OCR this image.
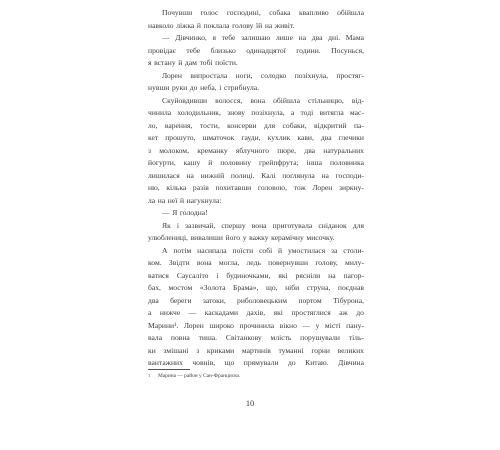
Почувши голос господині, собака квапливо обійшла
навколо ліжка й поклала голову їй на живіт.
— Дівчинко, я тебе залишаю лише на два дні. Мама
провідає тебе близько одинадцятої години. Посунься,
я встану й дам тобі поїсти.
Лорен випростала ноги, солодко позіхнула, простяг-
нувши руки до неба, і стрибнула.
Скуйовдивши волосся, вона обійшла стільницю, від-
чинила холодильник, знову позіхнула, а тоді витягла мас-
ло, варення, тости, консерви для собаки, відкритий па-
кет прошуто, шматочок гауди, кухлик кави, два глечики
з молоком, креманку яблучного пюре, два натуральних
йогурти, кашу й половину грейпфрута; інша половинка
лишилася на нижній полиці. Калі поглянула на господи-
ню, кілька разів похитавши головою, тож Лорен зиркну-
ла на неї й нагукнула:
— Я голодна!
Як і зазвичай, спершу вона приготувала сніданок для
улюблениці, вивалиши його у важку керамічну мисочку.
А потім насипала поїсти собі й умостилася за столи-
ком. Звідти вона могла, ледь повернувши голову, милу-
ватися Саусаліто і будиночками, які рясніли на пагор-
бах, мостом «Золота Брама», що, ніби струна, поєднав
два береги затоки, риболовецьким портом Тібурона,
а нижче — каскадами дахів, які простяглися аж до
Марини¹. Лорен широко прочинила вікно — у місті пану-
вала повна тиша. Світанкову млість порушували тіль-
ки змішані з криками мартинів туманні горни великих
вантажних човнів, що прямували до Китаю. Дівчина
1 Марина — район у Сан-Франциско.
10
